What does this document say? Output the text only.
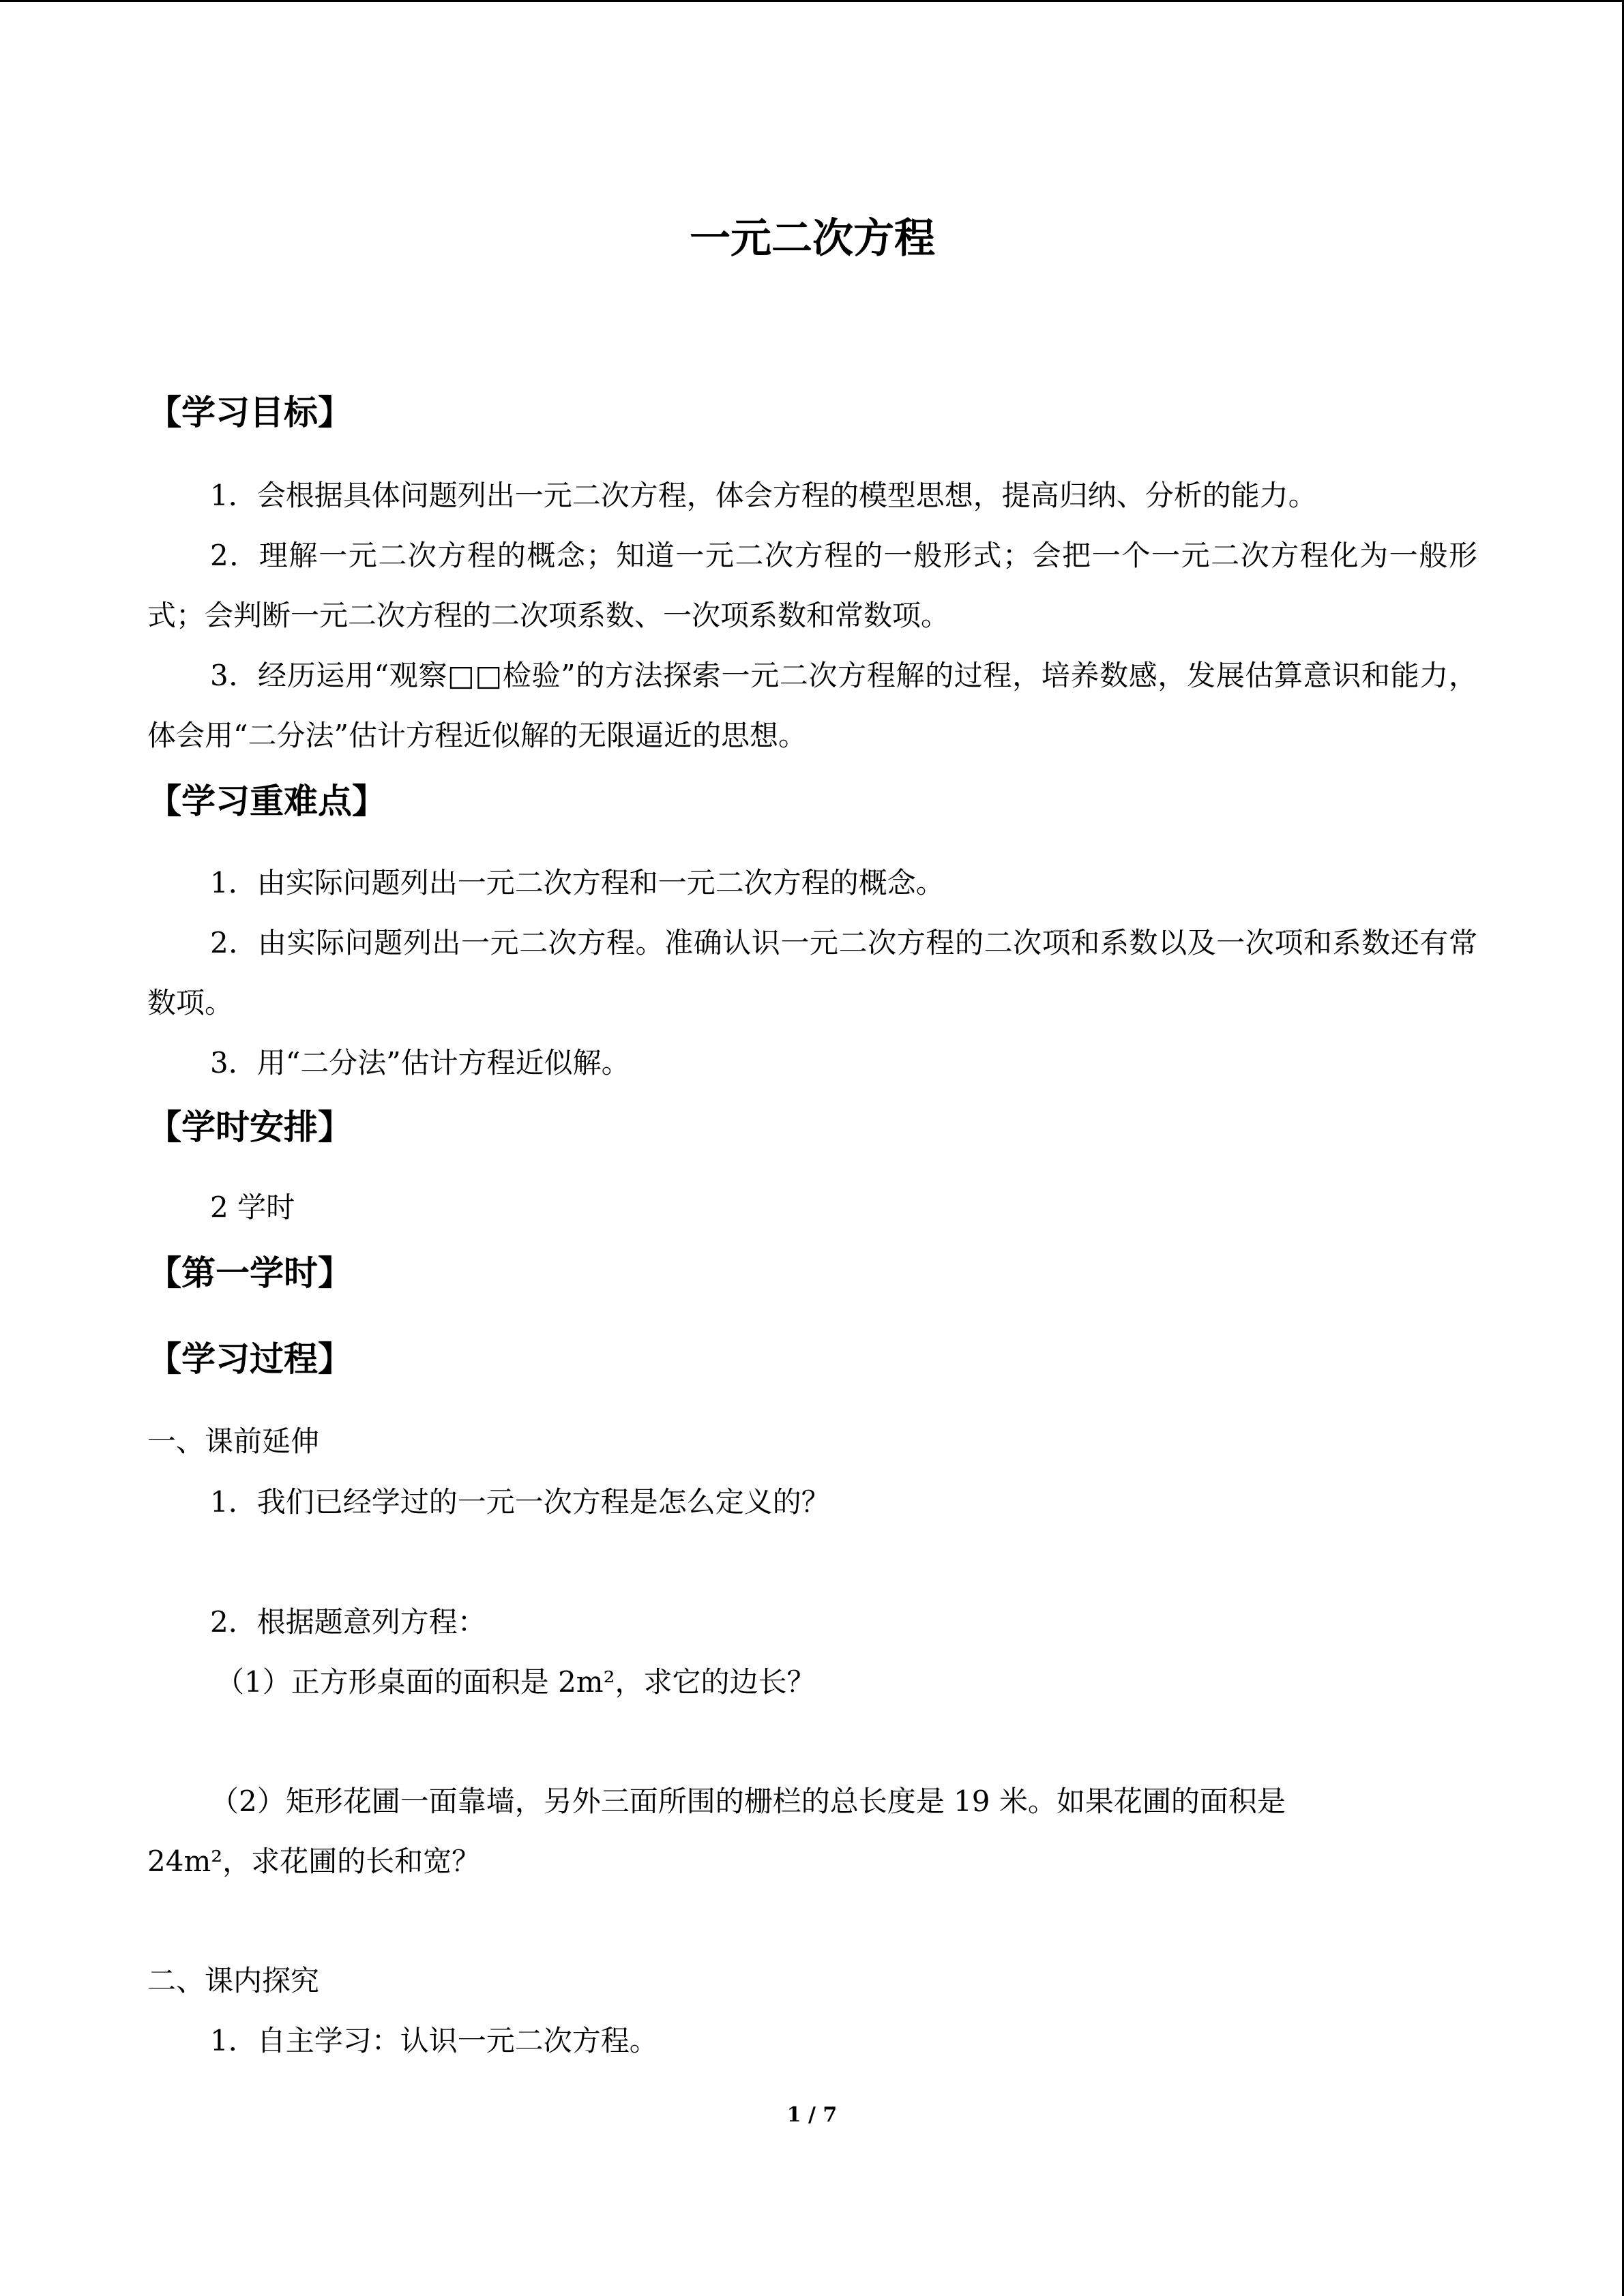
一元二次方程
【学习目标】
1．会根据具体问题列出一元二次方程，体会方程的模型思想，提高归纳、分析的能力。
2．理解一元二次方程的概念；知道一元二次方程的一般形式；会把一个一元二次方程化为一般形式；会判断一元二次方程的二次项系数、一次项系数和常数项。
3．经历运用“观察□□检验”的方法探索一元二次方程解的过程，培养数感，发展估算意识和能力，体会用“二分法”估计方程近似解的无限逼近的思想。
【学习重难点】
1．由实际问题列出一元二次方程和一元二次方程的概念。
2．由实际问题列出一元二次方程。准确认识一元二次方程的二次项和系数以及一次项和系数还有常数项。
3．用“二分法”估计方程近似解。
【学时安排】
2 学时
【第一学时】
【学习过程】
一、课前延伸
1．我们已经学过的一元一次方程是怎么定义的？
2．根据题意列方程：
（1）正方形桌面的面积是 2m²，求它的边长？
（2）矩形花圃一面靠墙，另外三面所围的栅栏的总长度是 19 米。如果花圃的面积是
24m²，求花圃的长和宽？
二、课内探究
1．自主学习：认识一元二次方程。
1 / 7
